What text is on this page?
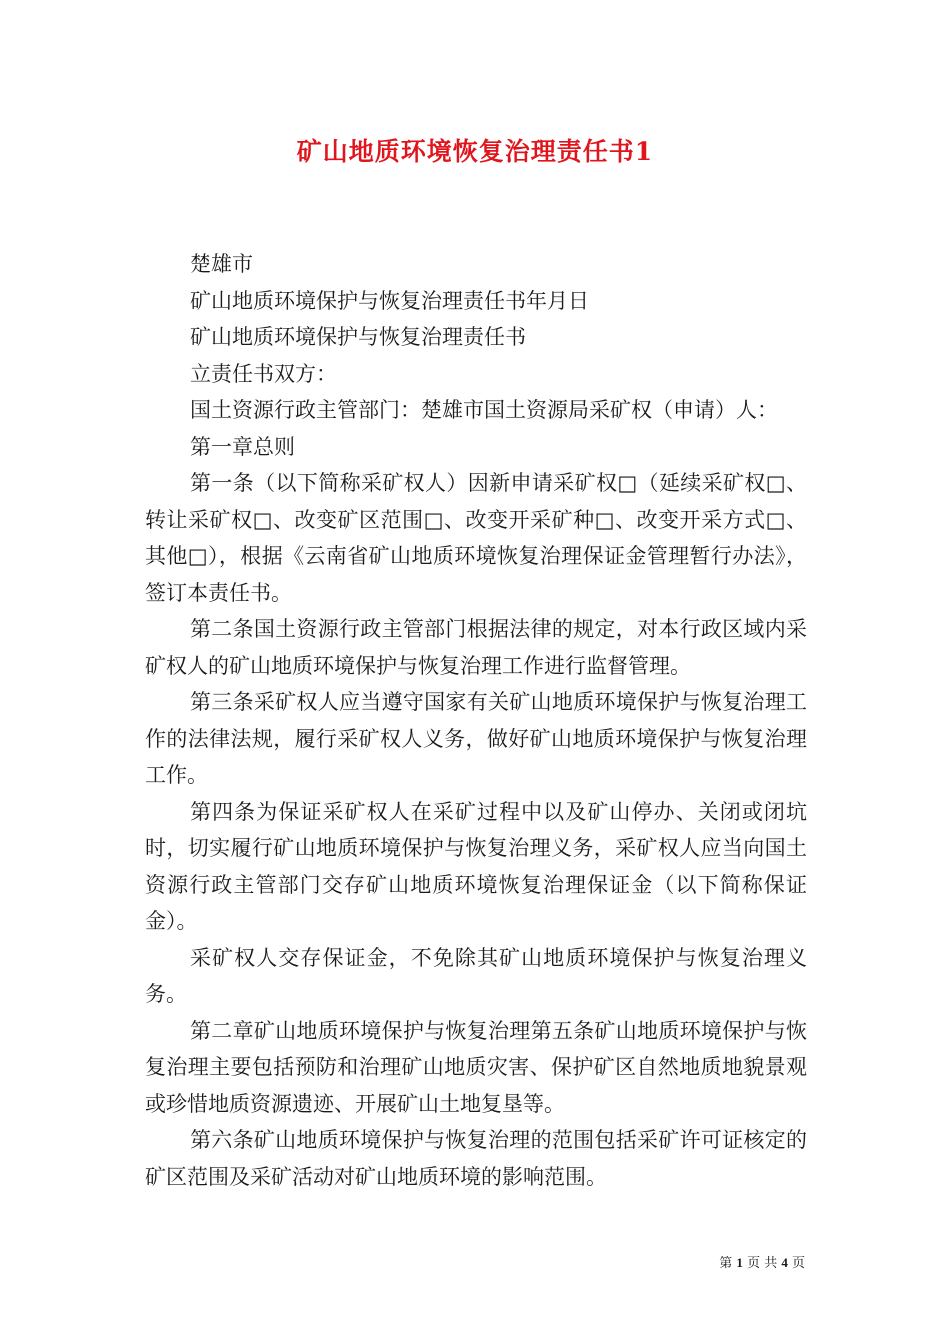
矿山地质环境恢复治理责任书1

楚雄市

矿山地质环境保护与恢复治理责任书年月日

矿山地质环境保护与恢复治理责任书

立责任书双方：

国土资源行政主管部门：楚雄市国土资源局采矿权（申请）人：

第一章总则

第一条（以下简称采矿权人）因新申请采矿权□（延续采矿权□、转让采矿权□、改变矿区范围□、改变开采矿种□、改变开采方式□、其他□），根据《云南省矿山地质环境恢复治理保证金管理暂行办法》，签订本责任书。

第二条国土资源行政主管部门根据法律的规定，对本行政区域内采矿权人的矿山地质环境保护与恢复治理工作进行监督管理。

第三条采矿权人应当遵守国家有关矿山地质环境保护与恢复治理工作的法律法规，履行采矿权人义务，做好矿山地质环境保护与恢复治理工作。

第四条为保证采矿权人在采矿过程中以及矿山停办、关闭或闭坑时，切实履行矿山地质环境保护与恢复治理义务，采矿权人应当向国土资源行政主管部门交存矿山地质环境恢复治理保证金（以下简称保证金）。

采矿权人交存保证金，不免除其矿山地质环境保护与恢复治理义务。

第二章矿山地质环境保护与恢复治理第五条矿山地质环境保护与恢复治理主要包括预防和治理矿山地质灾害、保护矿区自然地质地貌景观或珍惜地质资源遗迹、开展矿山土地复垦等。

第六条矿山地质环境保护与恢复治理的范围包括采矿许可证核定的矿区范围及采矿活动对矿山地质环境的影响范围。

第 1 页 共 4 页
